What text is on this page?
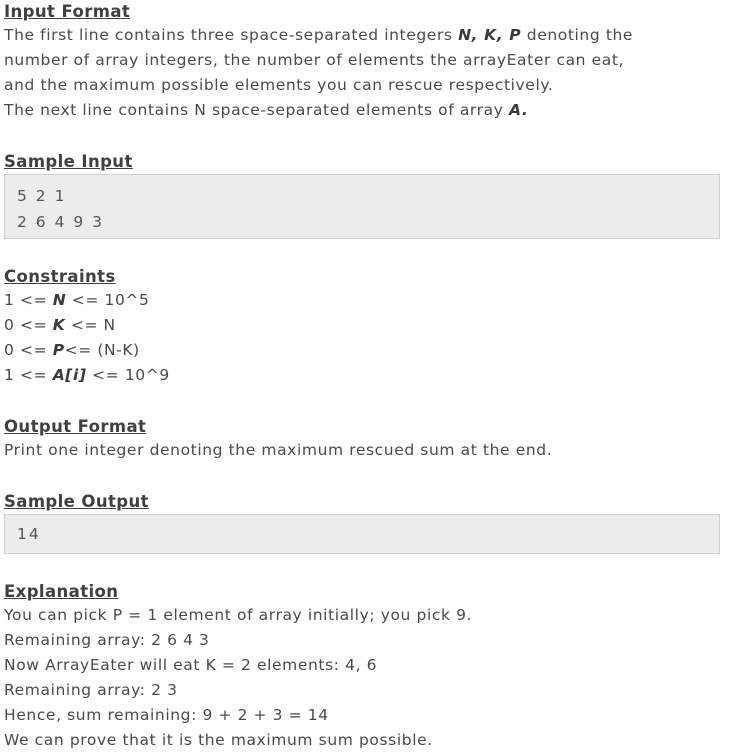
Input Format
The first line contains three space-separated integers N, K, P denoting the
number of array integers, the number of elements the arrayEater can eat,
and the maximum possible elements you can rescue respectively.
The next line contains N space-separated elements of array A.
Sample Input
5 2 1
2 6 4 9 3
Constraints
1 <= N <= 10^5
0 <= K <= N
0 <= P<= (N-K)
1 <= A[i] <= 10^9
Output Format
Print one integer denoting the maximum rescued sum at the end.
Sample Output
14
Explanation
You can pick P = 1 element of array initially; you pick 9.
Remaining array: 2 6 4 3
Now ArrayEater will eat K = 2 elements: 4, 6
Remaining array: 2 3
Hence, sum remaining: 9 + 2 + 3 = 14
We can prove that it is the maximum sum possible.
